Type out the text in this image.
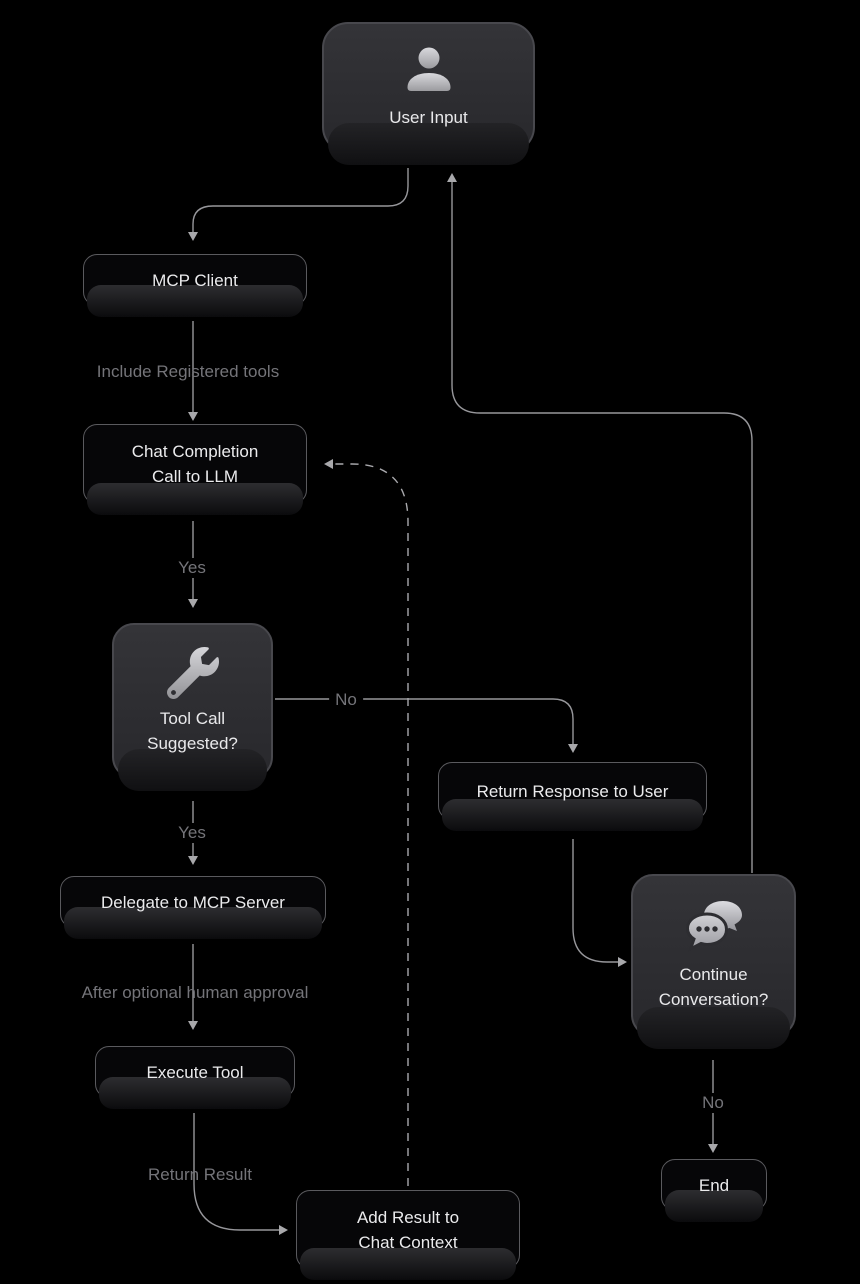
User Input
MCP Client
Chat Completion
Call to LLM
Tool Call
Suggested?
Return Response to User
Delegate to MCP Server
Execute Tool
Add Result to
Chat Context
Continue
Conversation?
End
Include Registered tools
Yes
No
Yes
After optional human approval
Return Result
No
